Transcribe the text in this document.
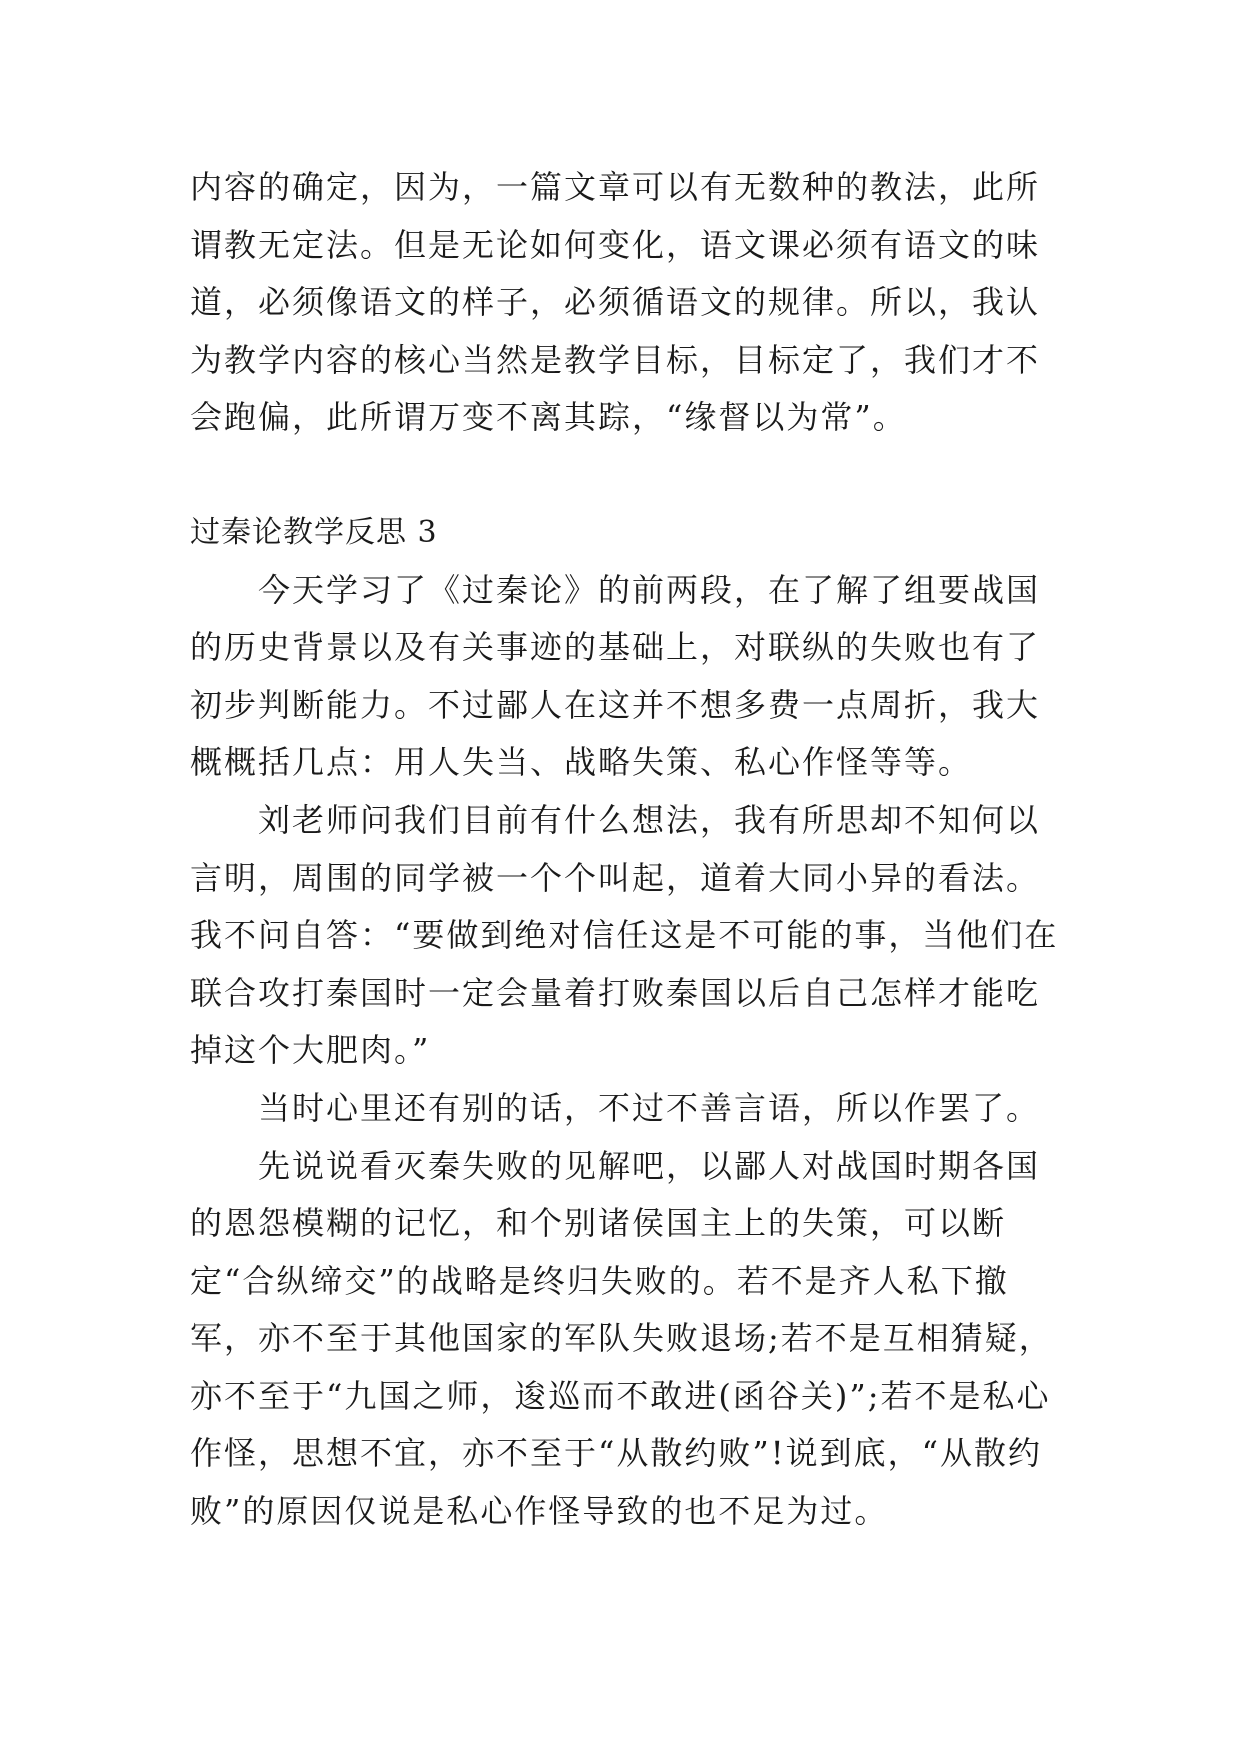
内容的确定，因为，一篇文章可以有无数种的教法，此所谓教无定法。但是无论如何变化，语文课必须有语文的味道，必须像语文的样子，必须循语文的规律。所以，我认为教学内容的核心当然是教学目标，目标定了，我们才不会跑偏，此所谓万变不离其踪，“缘督以为常”。

过秦论教学反思 3

今天学习了《过秦论》的前两段，在了解了组要战国的历史背景以及有关事迹的基础上，对联纵的失败也有了初步判断能力。不过鄙人在这并不想多费一点周折，我大概概括几点：用人失当、战略失策、私心作怪等等。

刘老师问我们目前有什么想法，我有所思却不知何以言明，周围的同学被一个个叫起，道着大同小异的看法。我不问自答：“要做到绝对信任这是不可能的事，当他们在联合攻打秦国时一定会量着打败秦国以后自己怎样才能吃掉这个大肥肉。”

当时心里还有别的话，不过不善言语，所以作罢了。

先说说看灭秦失败的见解吧，以鄙人对战国时期各国的恩怨模糊的记忆，和个别诸侯国主上的失策，可以断定“合纵缔交”的战略是终归失败的。若不是齐人私下撤军，亦不至于其他国家的军队失败退场;若不是互相猜疑，亦不至于“九国之师，逡巡而不敢进(函谷关)”;若不是私心作怪，思想不宜，亦不至于“从散约败”!说到底，“从散约败”的原因仅说是私心作怪导致的也不足为过。
